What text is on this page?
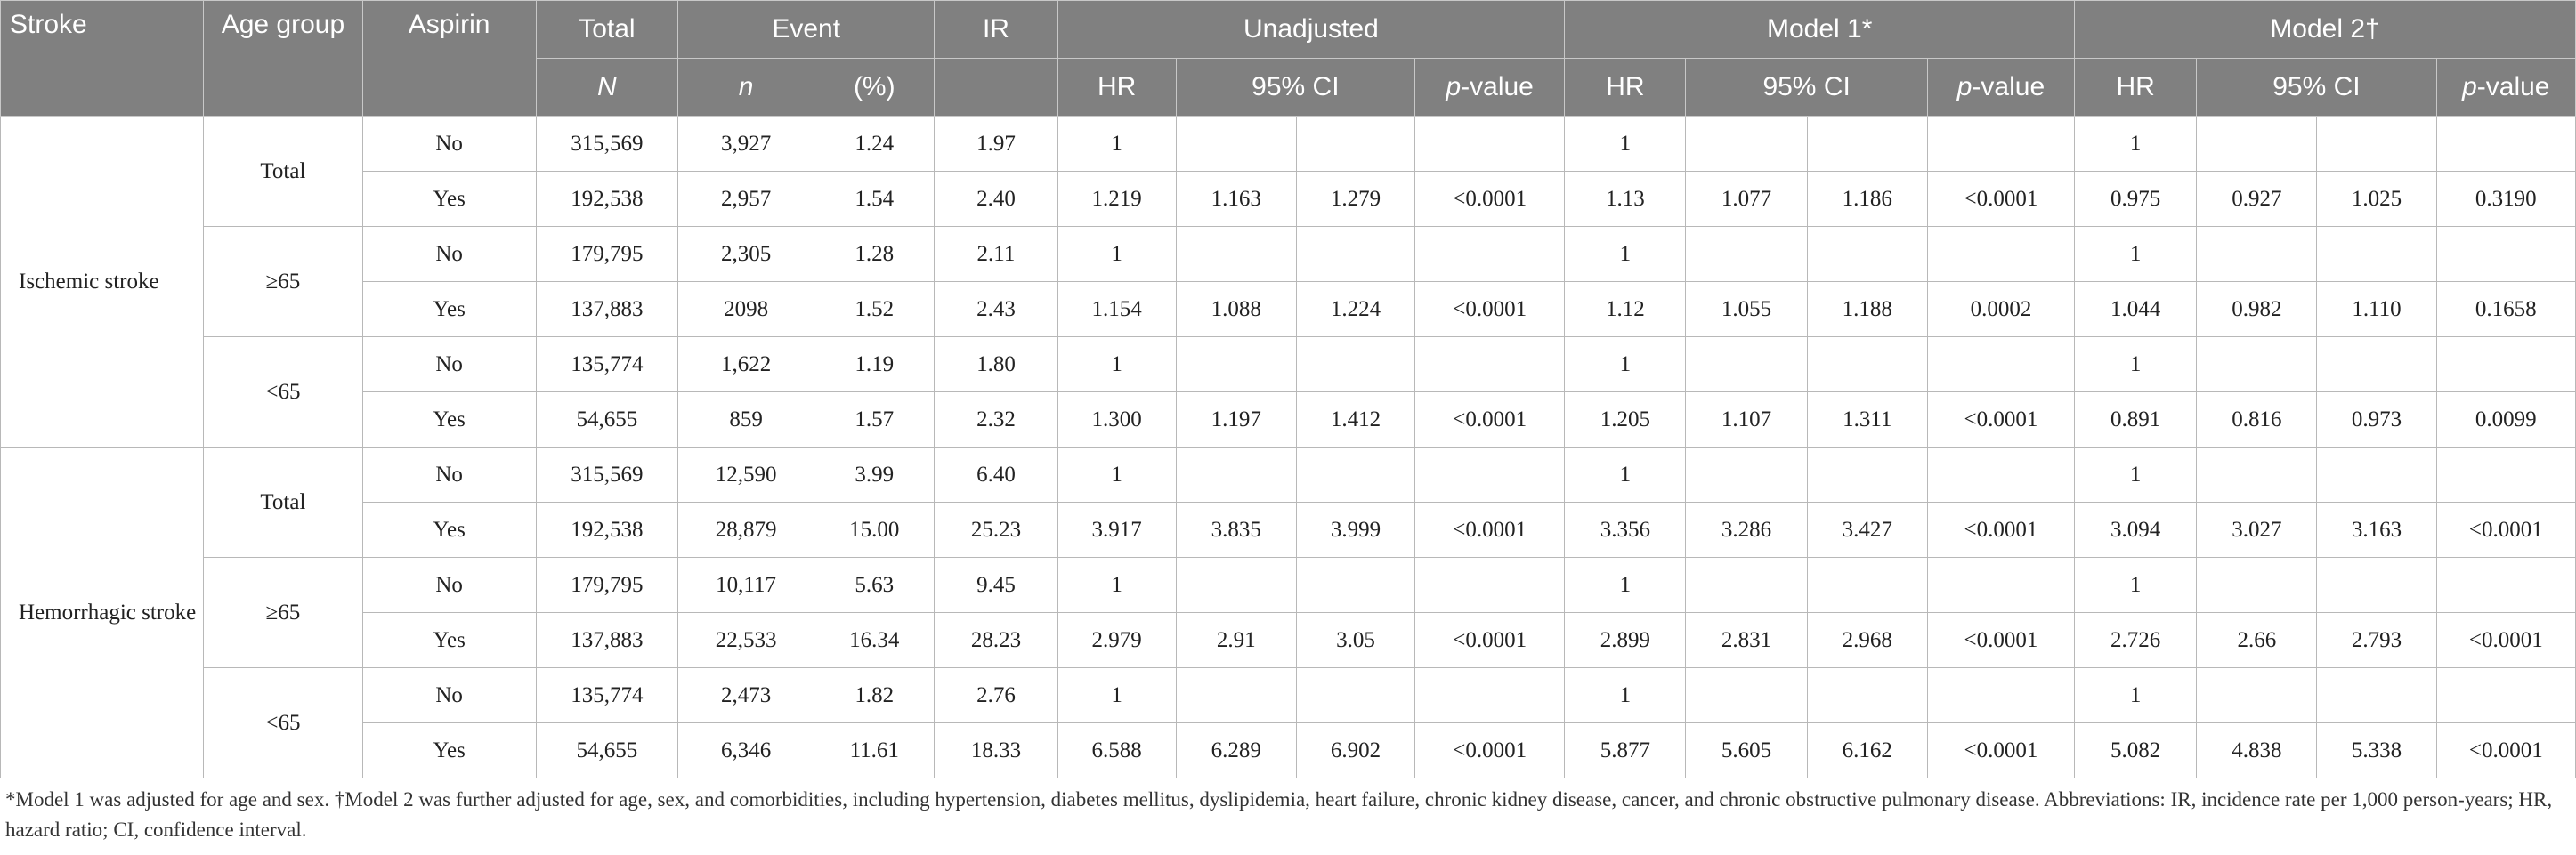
Stroke	Age group	Aspirin	Total	Event		IR	Unadjusted				Model 1*				Model 2†			
			N	n	(%)		HR	95% CI		p-value	HR	95% CI		p-value	HR	95% CI		p-value
Ischemic stroke	Total	No	315,569	3,927	1.24	1.97	1				1				1			
		Yes	192,538	2,957	1.54	2.40	1.219	1.163	1.279	<0.0001	1.13	1.077	1.186	<0.0001	0.975	0.927	1.025	0.3190
	≥65	No	179,795	2,305	1.28	2.11	1				1				1			
		Yes	137,883	2098	1.52	2.43	1.154	1.088	1.224	<0.0001	1.12	1.055	1.188	0.0002	1.044	0.982	1.110	0.1658
	<65	No	135,774	1,622	1.19	1.80	1				1				1			
		Yes	54,655	859	1.57	2.32	1.300	1.197	1.412	<0.0001	1.205	1.107	1.311	<0.0001	0.891	0.816	0.973	0.0099
Hemorrhagic stroke	Total	No	315,569	12,590	3.99	6.40	1				1				1			
		Yes	192,538	28,879	15.00	25.23	3.917	3.835	3.999	<0.0001	3.356	3.286	3.427	<0.0001	3.094	3.027	3.163	<0.0001
	≥65	No	179,795	10,117	5.63	9.45	1				1				1			
		Yes	137,883	22,533	16.34	28.23	2.979	2.91	3.05	<0.0001	2.899	2.831	2.968	<0.0001	2.726	2.66	2.793	<0.0001
	<65	No	135,774	2,473	1.82	2.76	1				1				1			
		Yes	54,655	6,346	11.61	18.33	6.588	6.289	6.902	<0.0001	5.877	5.605	6.162	<0.0001	5.082	4.838	5.338	<0.0001
*Model 1 was adjusted for age and sex. †Model 2 was further adjusted for age, sex, and comorbidities, including hypertension, diabetes mellitus, dyslipidemia, heart failure, chronic kidney disease, cancer, and chronic obstructive pulmonary disease. Abbreviations: IR, incidence rate per 1,000 person-years; HR, hazard ratio; CI, confidence interval.
